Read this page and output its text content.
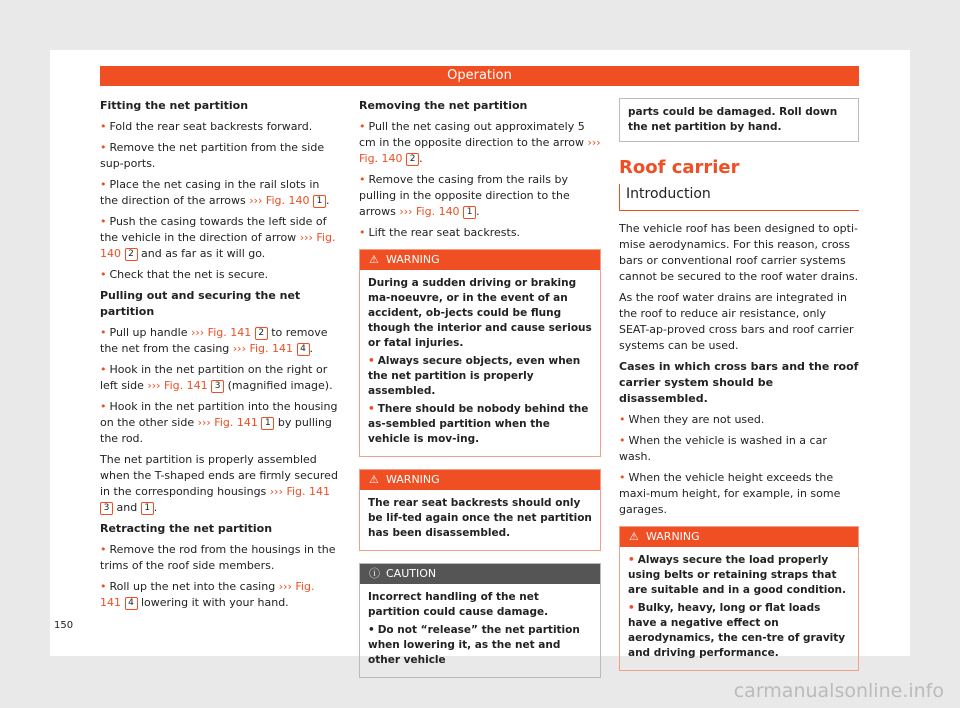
Operation

Fitting the net partition

• Fold the rear seat backrests forward.

• Remove the net partition from the side sup-ports.

• Place the net casing in the rail slots in the direction of the arrows ››› Fig. 140 1 .

• Push the casing towards the left side of the vehicle in the direction of arrow ››› Fig. 140 2 and as far as it will go.

• Check that the net is secure.

Pulling out and securing the net partition

• Pull up handle ››› Fig. 141 2 to remove the net from the casing ››› Fig. 141 4 .

• Hook in the net partition on the right or left side ››› Fig. 141 3 (magnified image).

• Hook in the net partition into the housing on the other side ››› Fig. 141 1 by pulling the rod.

The net partition is properly assembled when the T-shaped ends are firmly secured in the corresponding housings ››› Fig. 141 3 and 1 .

Retracting the net partition

• Remove the rod from the housings in the trims of the roof side members.

• Roll up the net into the casing ››› Fig. 141 4 lowering it with your hand.

Removing the net partition

• Pull the net casing out approximately 5 cm in the opposite direction to the arrow ››› Fig. 140 2 .

• Remove the casing from the rails by pulling in the opposite direction to the arrows ››› Fig. 140 1 .

• Lift the rear seat backrests.

⚠ WARNING
During a sudden driving or braking ma-noeuvre, or in the event of an accident, ob-jects could be flung though the interior and cause serious or fatal injuries.
• Always secure objects, even when the net partition is properly assembled.
• There should be nobody behind the as-sembled partition when the vehicle is mov-ing.
⚠ WARNING
The rear seat backrests should only be lif-ted again once the net partition has been disassembled.
ⓘ CAUTION
Incorrect handling of the net partition could cause damage.
• Do not “release” the net partition when lowering it, as the net and other vehicle
parts could be damaged. Roll down the net partition by hand.
Roof carrier
Introduction

The vehicle roof has been designed to opti-mise aerodynamics. For this reason, cross bars or conventional roof carrier systems cannot be secured to the roof water drains.

As the roof water drains are integrated in the roof to reduce air resistance, only SEAT-ap-proved cross bars and roof carrier systems can be used.

Cases in which cross bars and the roof carrier system should be disassembled.

• When they are not used.

• When the vehicle is washed in a car wash.

• When the vehicle height exceeds the maxi-mum height, for example, in some garages.

⚠ WARNING
• Always secure the load properly using belts or retaining straps that are suitable and in a good condition.
• Bulky, heavy, long or flat loads have a negative effect on aerodynamics, the cen-tre of gravity and driving performance.
150
carmanualsonline.info
